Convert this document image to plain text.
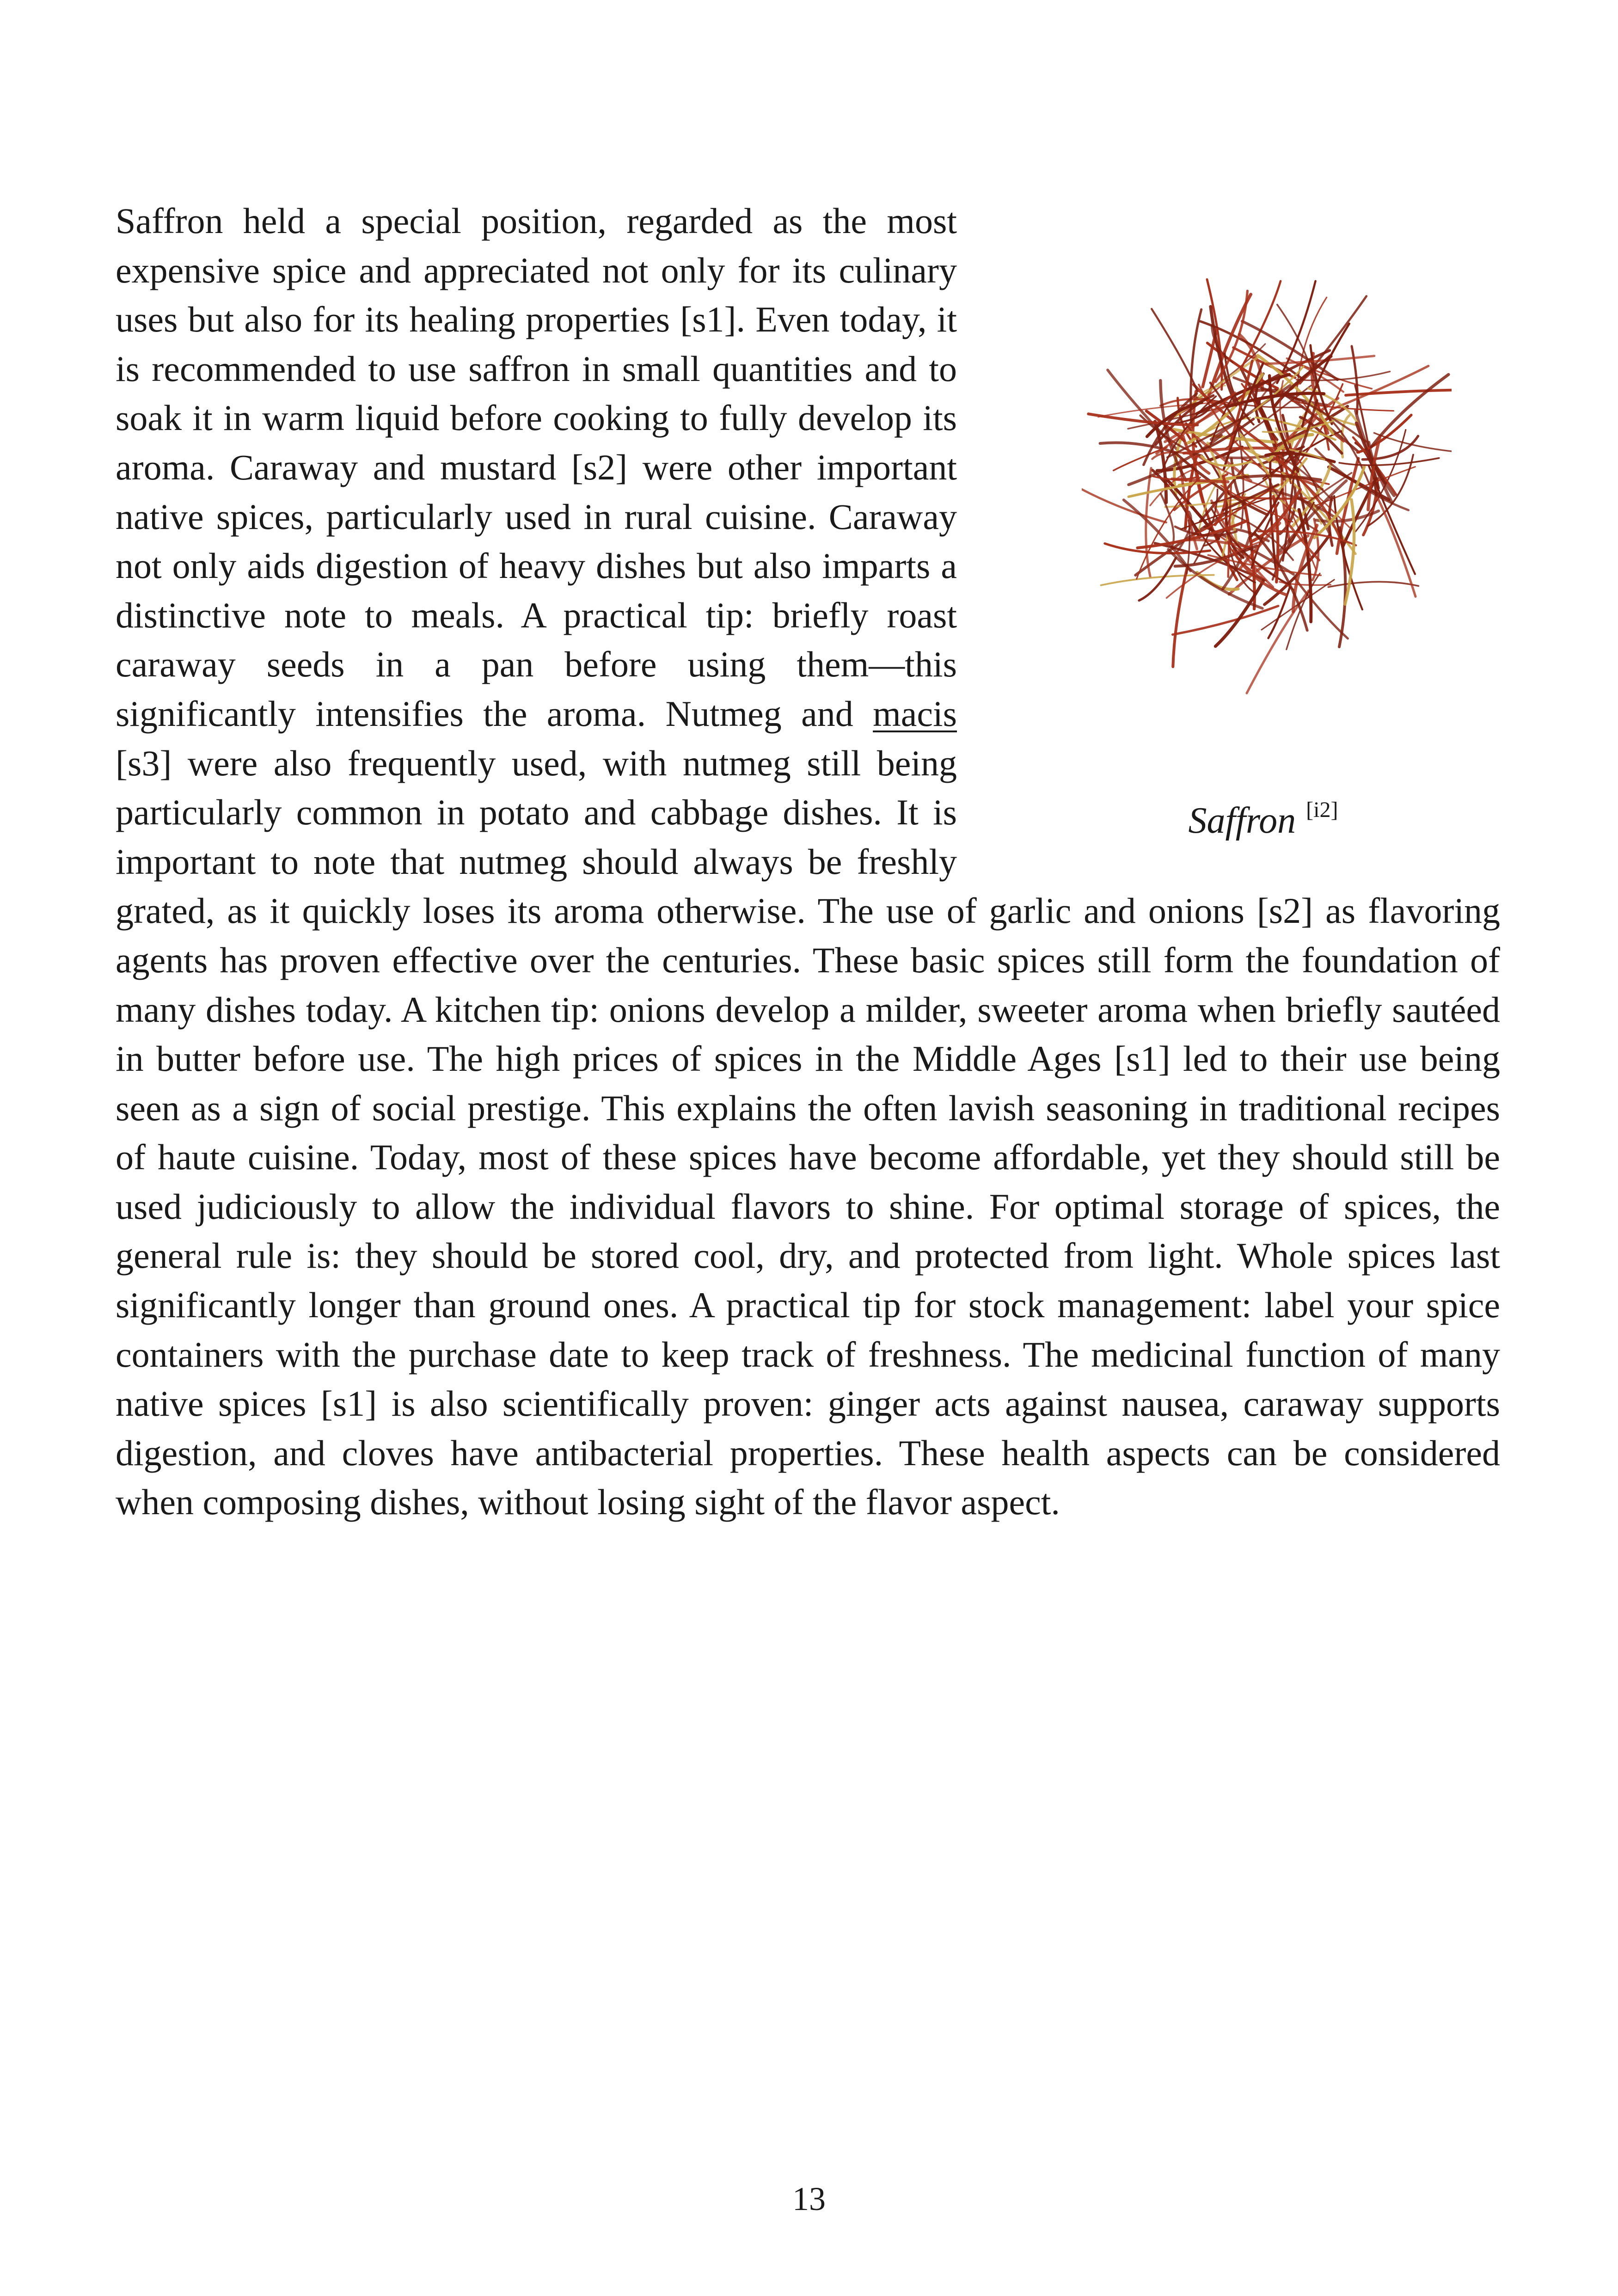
Saffron [i2]
Saffron held a special position, regarded as the most expensive spice and appreciated not only for its culinary uses but also for its healing properties [s1]. Even today, it is recommended to use saffron in small quantities and to soak it in warm liquid before cooking to fully develop its aroma. Caraway and mustard [s2] were other important native spices, particularly used in rural cuisine. Caraway not only aids digestion of heavy dishes but also imparts a distinctive note to meals. A practical tip: briefly roast caraway seeds in a pan before using them—this significantly intensifies the aroma. Nutmeg and macis [s3] were also frequently used, with nutmeg still being particularly common in potato and cabbage dishes. It is important to note that nutmeg should always be freshly grated, as it quickly loses its aroma otherwise. The use of garlic and onions [s2] as flavoring agents has proven effective over the centuries. These basic spices still form the foundation of many dishes today. A kitchen tip: onions develop a milder, sweeter aroma when briefly sautéed in butter before use. The high prices of spices in the Middle Ages [s1] led to their use being seen as a sign of social prestige. This explains the often lavish seasoning in traditional recipes of haute cuisine. Today, most of these spices have become affordable, yet they should still be used judiciously to allow the individual flavors to shine. For optimal storage of spices, the general rule is: they should be stored cool, dry, and protected from light. Whole spices last significantly longer than ground ones. A practical tip for stock management: label your spice containers with the purchase date to keep track of freshness. The medicinal function of many native spices [s1] is also scientifically proven: ginger acts against nausea, caraway supports digestion, and cloves have antibacterial properties. These health aspects can be considered when composing dishes, without losing sight of the flavor aspect.
13
